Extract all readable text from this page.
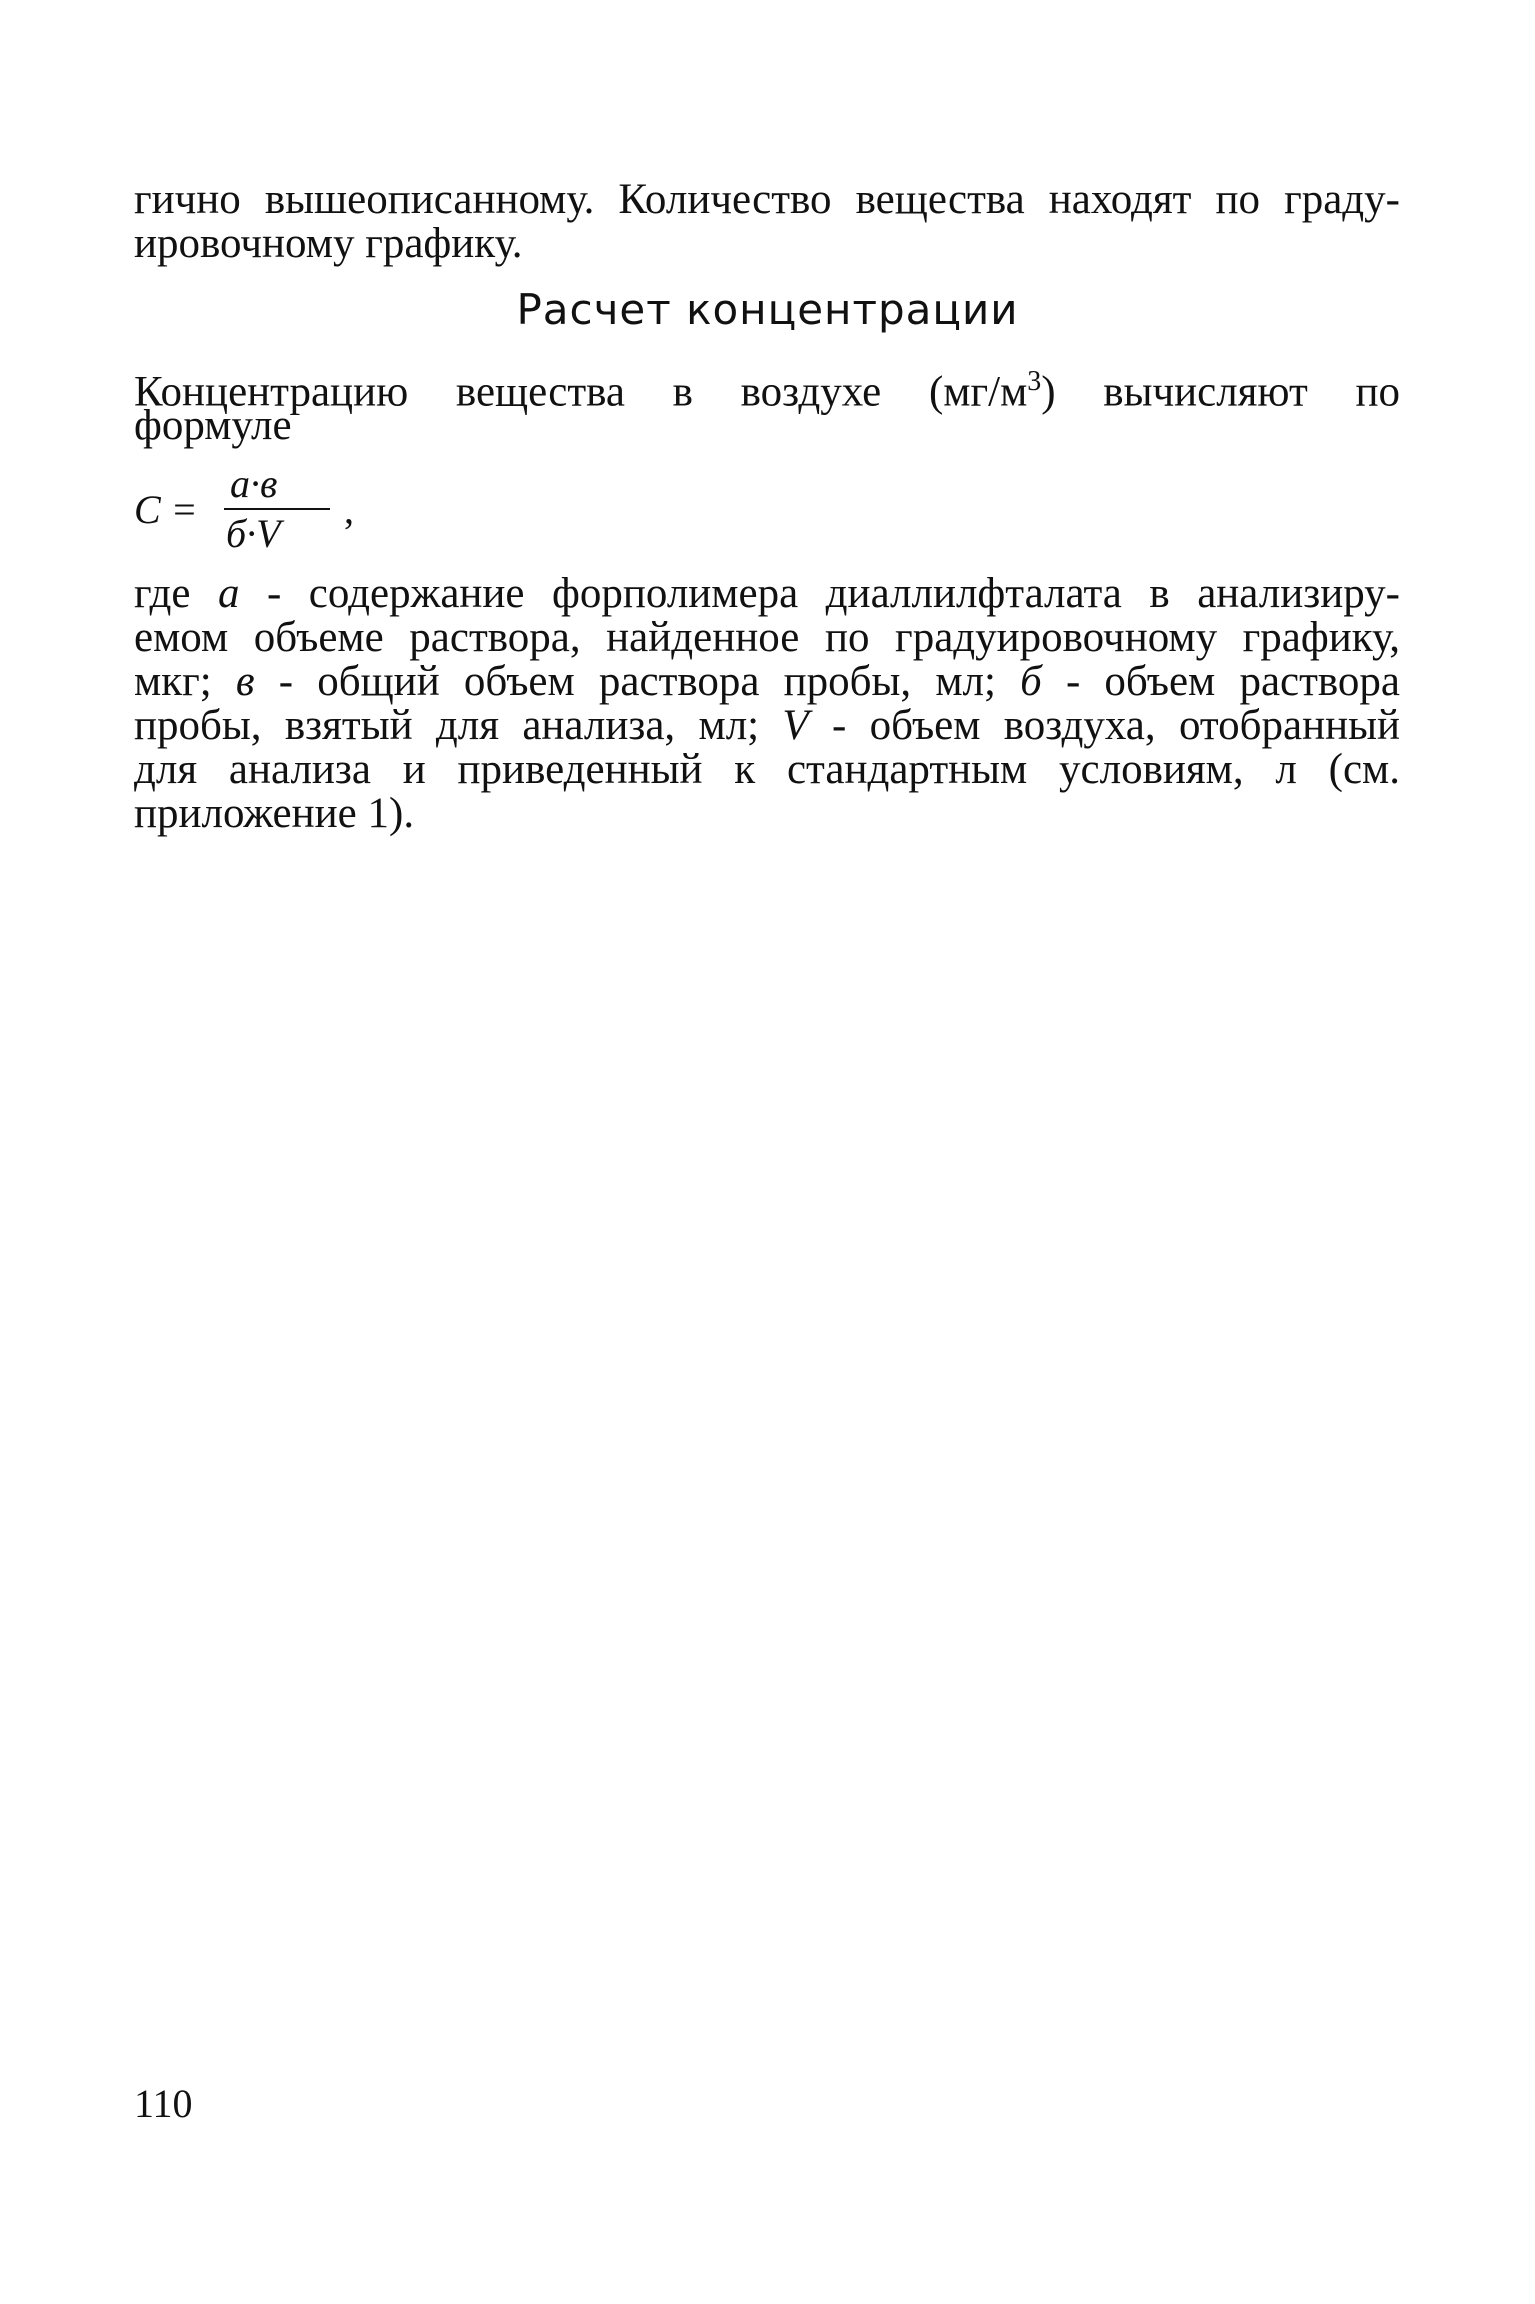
гично вышеописанному. Количество вещества находят по граду-
ировочному графику.
Расчет концентрации
Концентрацию вещества в воздухе $(мг/м^3)$ вычисляют по
формуле
C =
a·в
б·V
,
где a - содержание форполимера диаллилфталата в анализиру-
емом объеме раствора, найденное по градуировочному графику,
мкг; в - общий объем раствора пробы, мл; б - объем раствора
пробы, взятый для анализа, мл; V - объем воздуха, отобранный
для анализа и приведенный к стандартным условиям, л (см.
приложение 1).
110
